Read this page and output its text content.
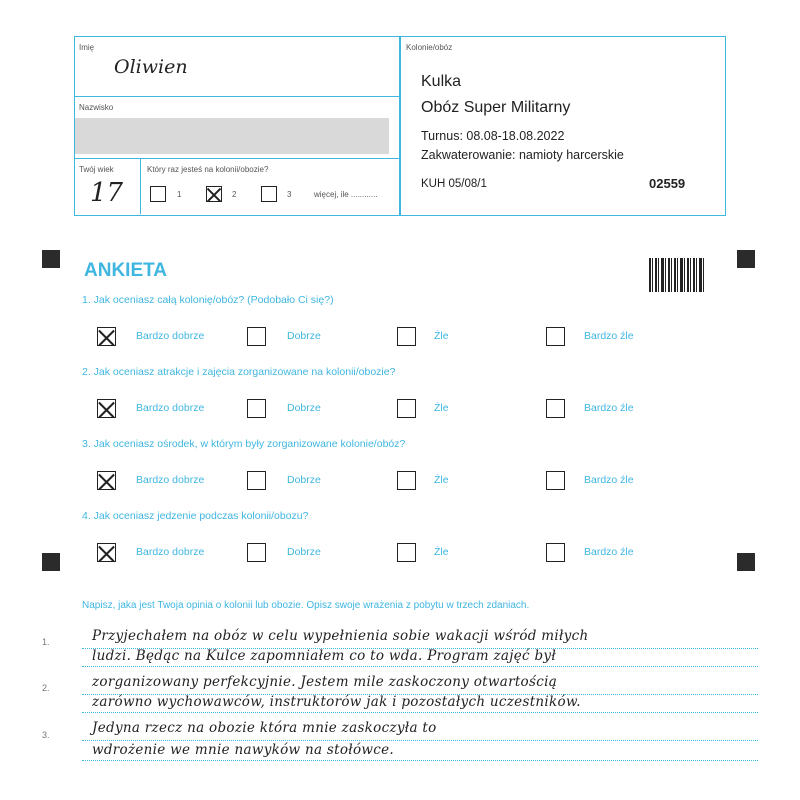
Imię
Oliwien
Nazwisko
Twój wiek
17
Który raz jesteś na kolonii/obozie?
1	2	3	więcej, ile ............
Kolonie/obóz
Kulka
Obóz Super Militarny
Turnus: 08.08-18.08.2022
Zakwaterowanie: namioty harcerskie
KUH 05/08/1	02559
ANKIETA
1. Jak oceniasz całą kolonię/obóz? (Podobało Ci się?)
Bardzo dobrze	Dobrze	Źle	Bardzo źle
2. Jak oceniasz atrakcje i zajęcia zorganizowane na kolonii/obozie?
Bardzo dobrze	Dobrze	Źle	Bardzo źle
3. Jak oceniasz ośrodek, w którym były zorganizowane kolonie/obóz?
Bardzo dobrze	Dobrze	Źle	Bardzo źle
4. Jak oceniasz jedzenie podczas kolonii/obozu?
Bardzo dobrze	Dobrze	Źle	Bardzo źle
Napisz, jaka jest Twoja opinia o kolonii lub obozie. Opisz swoje wrażenia z pobytu w trzech zdaniach.
1.
2.
3.
Przyjechałem na obóz w celu wypełnienia sobie wakacji wśród miłych
ludzi. Będąc na Kulce zapomniałem co to wda. Program zajęć był
zorganizowany perfekcyjnie. Jestem mile zaskoczony otwartością
zarówno wychowawców, instruktorów jak i pozostałych uczestników.
Jedyna rzecz na obozie która mnie zaskoczyła to
wdrożenie we mnie nawyków na stołówce.
